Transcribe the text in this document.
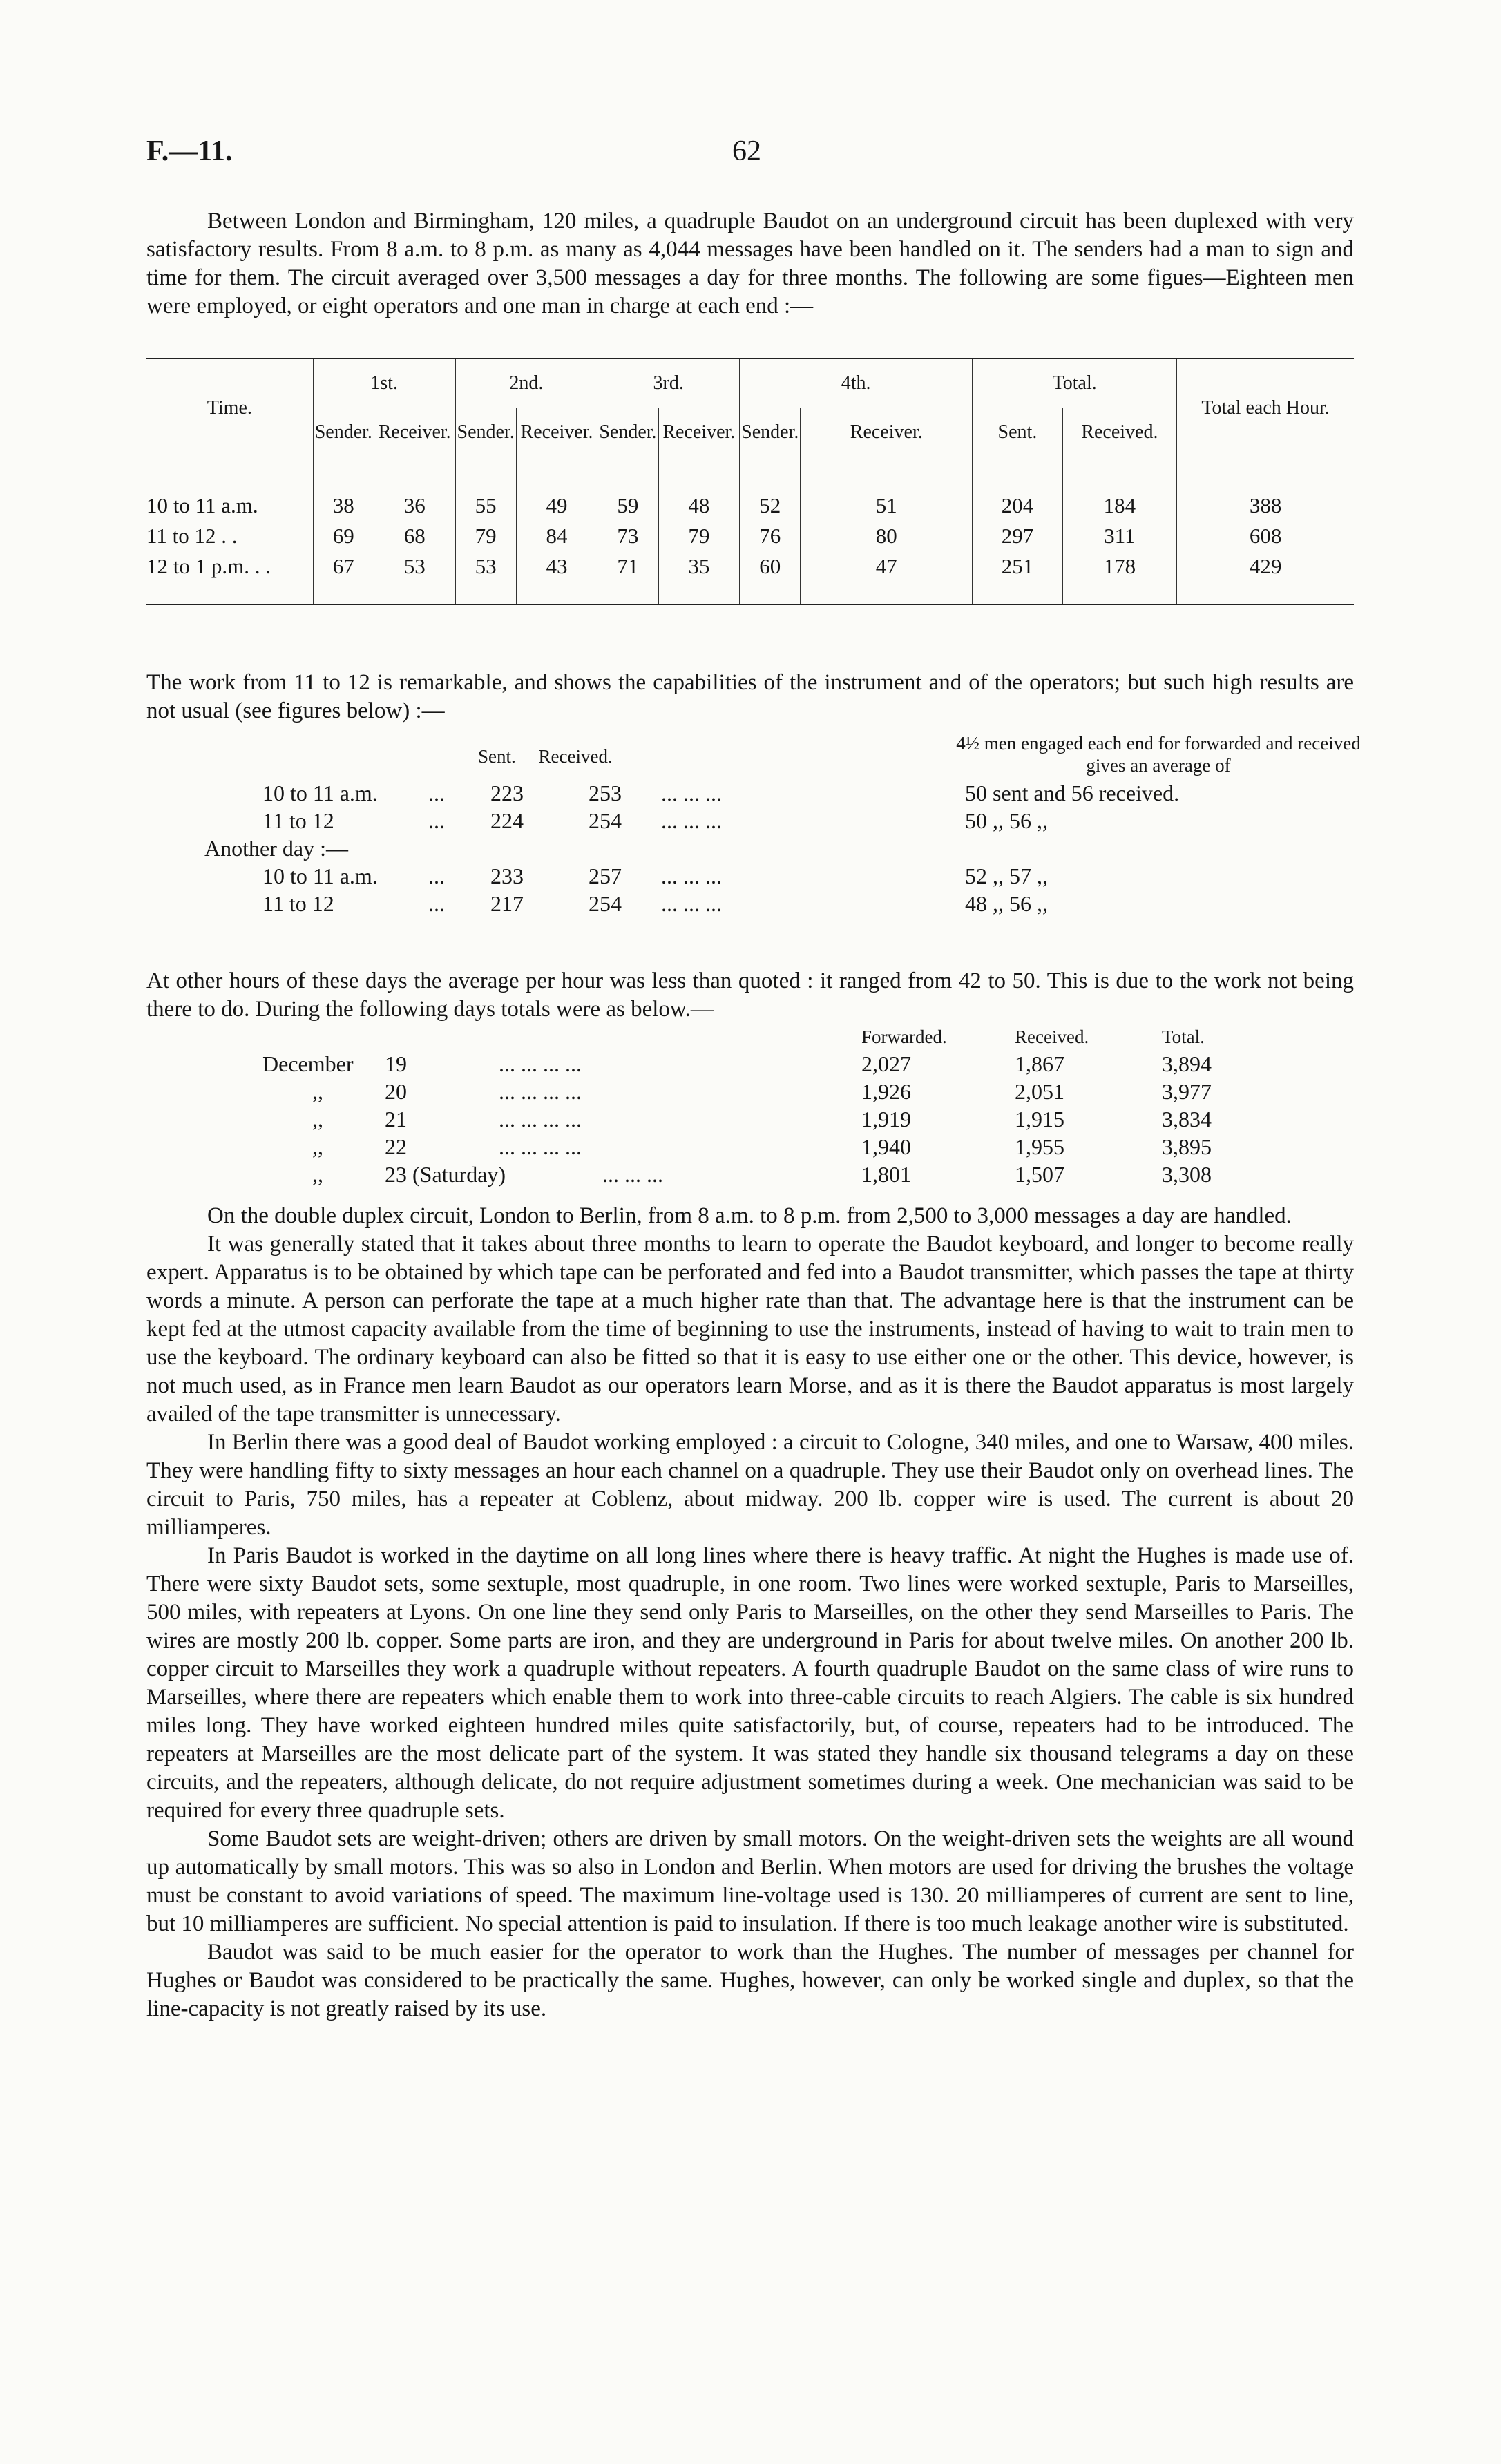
F.—11.	62

Between London and Birmingham, 120 miles, a quadruple Baudot on an underground circuit has been duplexed with very satisfactory results. From 8 a.m. to 8 p.m. as many as 4,044 messages have been handled on it. The senders had a man to sign and time for them. The circuit averaged over 3,500 messages a day for three months. The following are some figues—Eighteen men were employed, or eight operators and one man in charge at each end :—

Time.	1st.		2nd.		3rd.		4th.		Total.		Total each Hour.
	Sender.	Receiver.	Sender.	Receiver.	Sender.	Receiver.	Sender.	Receiver.	Sent.	Received.	

10 to 11 a.m.	38	36	55	49	59	48	52	51	204	184	388
11 to 12 . .	69	68	79	84	73	79	76	80	297	311	608
12 to 1 p.m. . .	67	53	53	43	71	35	60	47	251	178	429

The work from 11 to 12 is remarkable, and shows the capabilities of the instrument and of the operators; but such high results are not usual (see figures below) :—

Sent. Received.
4½ men engaged each end for forwarded and received gives an average of
10 to 11 a.m. ... 223	253 ... ... ...	50 sent and 56 received.
11 to 12	... 224	254 ... ... ...	50 ,, 56 ,,
Another day :—
10 to 11 a.m. ... 233	257 ... ... ...	52 ,, 57 ,,
11 to 12	... 217	254 ... ... ...	48 ,, 56 ,,

At other hours of these days the average per hour was less than quoted : it ranged from 42 to 50. This is due to the work not being there to do. During the following days totals were as below.—

Forwarded.	Received.	Total.
December 19	... ... ... ...	2,027	1,867	3,894
,,	20	... ... ... ...	1,926	2,051	3,977
,,	21	... ... ... ...	1,919	1,915	3,834
,,	22	... ... ... ...	1,940	1,955	3,895
,,	23 (Saturday)	... ... ...	1,801	1,507	3,308

On the double duplex circuit, London to Berlin, from 8 a.m. to 8 p.m. from 2,500 to 3,000 messages a day are handled.

It was generally stated that it takes about three months to learn to operate the Baudot keyboard, and longer to become really expert. Apparatus is to be obtained by which tape can be perforated and fed into a Baudot transmitter, which passes the tape at thirty words a minute. A person can perforate the tape at a much higher rate than that. The advantage here is that the instrument can be kept fed at the utmost capacity available from the time of beginning to use the instruments, instead of having to wait to train men to use the keyboard. The ordinary keyboard can also be fitted so that it is easy to use either one or the other. This device, however, is not much used, as in France men learn Baudot as our operators learn Morse, and as it is there the Baudot apparatus is most largely availed of the tape transmitter is unnecessary.

In Berlin there was a good deal of Baudot working employed : a circuit to Cologne, 340 miles, and one to Warsaw, 400 miles. They were handling fifty to sixty messages an hour each channel on a quadruple. They use their Baudot only on overhead lines. The circuit to Paris, 750 miles, has a repeater at Coblenz, about midway. 200 lb. copper wire is used. The current is about 20 milliamperes.

In Paris Baudot is worked in the daytime on all long lines where there is heavy traffic. At night the Hughes is made use of. There were sixty Baudot sets, some sextuple, most quadruple, in one room. Two lines were worked sextuple, Paris to Marseilles, 500 miles, with repeaters at Lyons. On one line they send only Paris to Marseilles, on the other they send Marseilles to Paris. The wires are mostly 200 lb. copper. Some parts are iron, and they are underground in Paris for about twelve miles. On another 200 lb. copper circuit to Marseilles they work a quadruple without repeaters. A fourth quadruple Baudot on the same class of wire runs to Marseilles, where there are repeaters which enable them to work into three-cable circuits to reach Algiers. The cable is six hundred miles long. They have worked eighteen hundred miles quite satisfactorily, but, of course, repeaters had to be introduced. The repeaters at Marseilles are the most delicate part of the system. It was stated they handle six thousand telegrams a day on these circuits, and the repeaters, although delicate, do not require adjustment sometimes during a week. One mechanician was said to be required for every three quadruple sets.

Some Baudot sets are weight-driven; others are driven by small motors. On the weight-driven sets the weights are all wound up automatically by small motors. This was so also in London and Berlin. When motors are used for driving the brushes the voltage must be constant to avoid variations of speed. The maximum line-voltage used is 130. 20 milliamperes of current are sent to line, but 10 milliamperes are sufficient. No special attention is paid to insulation. If there is too much leakage another wire is substituted.

Baudot was said to be much easier for the operator to work than the Hughes. The number of messages per channel for Hughes or Baudot was considered to be practically the same. Hughes, however, can only be worked single and duplex, so that the line-capacity is not greatly raised by its use.
